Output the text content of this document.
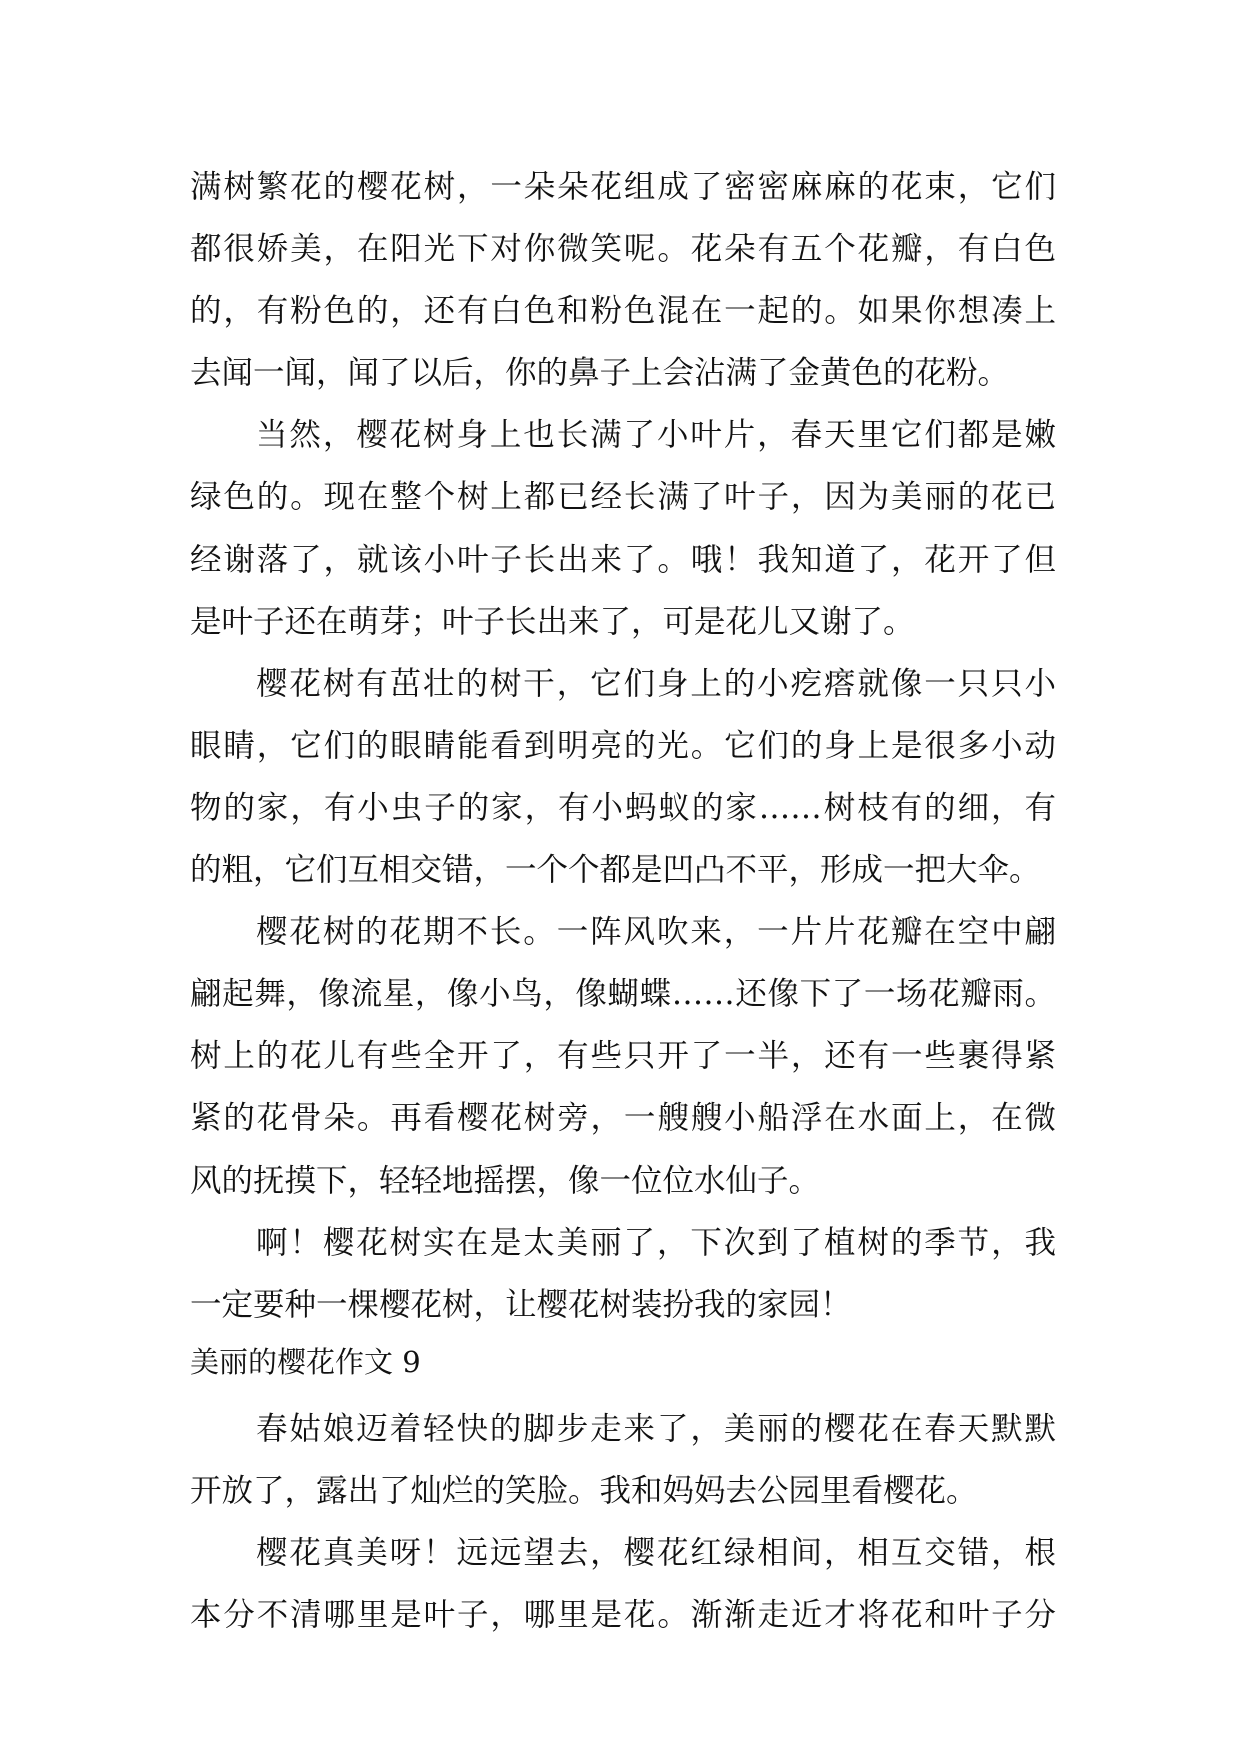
满树繁花的樱花树，一朵朵花组成了密密麻麻的花束，它们
都很娇美，在阳光下对你微笑呢。花朵有五个花瓣，有白色
的，有粉色的，还有白色和粉色混在一起的。如果你想凑上
去闻一闻，闻了以后，你的鼻子上会沾满了金黄色的花粉。
当然，樱花树身上也长满了小叶片，春天里它们都是嫩
绿色的。现在整个树上都已经长满了叶子，因为美丽的花已
经谢落了，就该小叶子长出来了。哦！我知道了，花开了但
是叶子还在萌芽；叶子长出来了，可是花儿又谢了。
樱花树有茁壮的树干，它们身上的小疙瘩就像一只只小
眼睛，它们的眼睛能看到明亮的光。它们的身上是很多小动
物的家，有小虫子的家，有小蚂蚁的家……树枝有的细，有
的粗，它们互相交错，一个个都是凹凸不平，形成一把大伞。
樱花树的花期不长。一阵风吹来，一片片花瓣在空中翩
翩起舞，像流星，像小鸟，像蝴蝶……还像下了一场花瓣雨。
树上的花儿有些全开了，有些只开了一半，还有一些裹得紧
紧的花骨朵。再看樱花树旁，一艘艘小船浮在水面上，在微
风的抚摸下，轻轻地摇摆，像一位位水仙子。
啊！樱花树实在是太美丽了，下次到了植树的季节，我
一定要种一棵樱花树，让樱花树装扮我的家园！
美丽的樱花作文 9
春姑娘迈着轻快的脚步走来了，美丽的樱花在春天默默
开放了，露出了灿烂的笑脸。我和妈妈去公园里看樱花。
樱花真美呀！远远望去，樱花红绿相间，相互交错，根
本分不清哪里是叶子，哪里是花。渐渐走近才将花和叶子分
